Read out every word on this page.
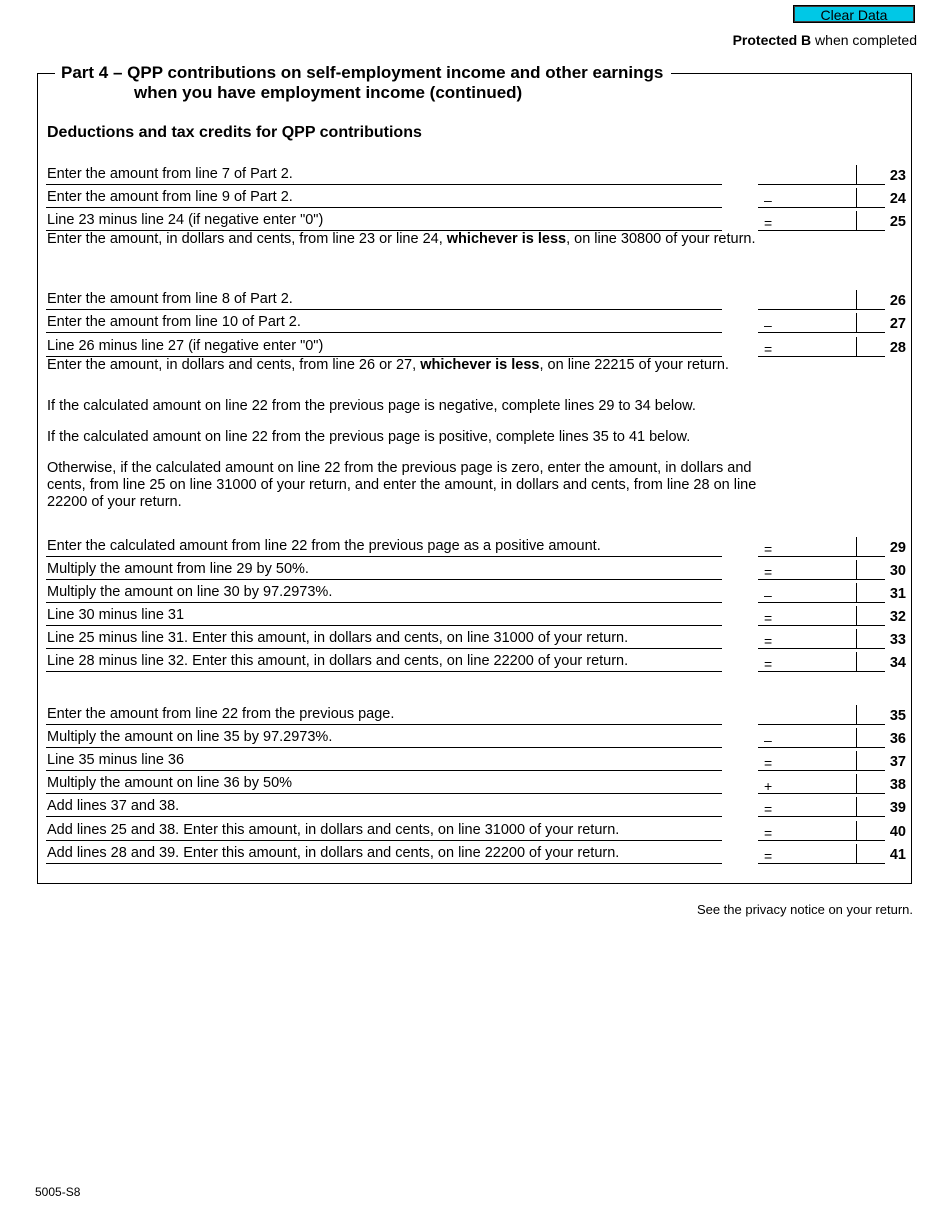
Clear Data
Protected B when completed
Part 4 – QPP contributions on self-employment income and other earnings
when you have employment income (continued)
Deductions and tax credits for QPP contributions
Enter the amount from line 7 of Part 2.	23
Enter the amount from line 9 of Part 2.	–	24
Line 23 minus line 24 (if negative enter "0")	=	25
Enter the amount, in dollars and cents, from line 23 or line 24, whichever is less, on line 30800 of your return.
Enter the amount from line 8 of Part 2.	26
Enter the amount from line 10 of Part 2.	–	27
Line 26 minus line 27 (if negative enter "0")	=	28
Enter the amount, in dollars and cents, from line 26 or 27, whichever is less, on line 22215 of your return.
If the calculated amount on line 22 from the previous page is negative, complete lines 29 to 34 below.
If the calculated amount on line 22 from the previous page is positive, complete lines 35 to 41 below.
Otherwise, if the calculated amount on line 22 from the previous page is zero, enter the amount, in dollars and cents, from line 25 on line 31000 of your return, and enter the amount, in dollars and cents, from line 28 on line 22200 of your return.
Enter the calculated amount from line 22 from the previous page as a positive amount.	=	29
Multiply the amount from line 29 by 50%.	=	30
Multiply the amount on line 30 by 97.2973%.	–	31
Line 30 minus line 31	=	32
Line 25 minus line 31. Enter this amount, in dollars and cents, on line 31000 of your return.	=	33
Line 28 minus line 32. Enter this amount, in dollars and cents, on line 22200 of your return.	=	34
Enter the amount from line 22 from the previous page.	35
Multiply the amount on line 35 by 97.2973%.	–	36
Line 35 minus line 36	=	37
Multiply the amount on line 36 by 50%	+	38
Add lines 37 and 38.	=	39
Add lines 25 and 38. Enter this amount, in dollars and cents, on line 31000 of your return.	=	40
Add lines 28 and 39. Enter this amount, in dollars and cents, on line 22200 of your return.	=	41
See the privacy notice on your return.
5005-S8
